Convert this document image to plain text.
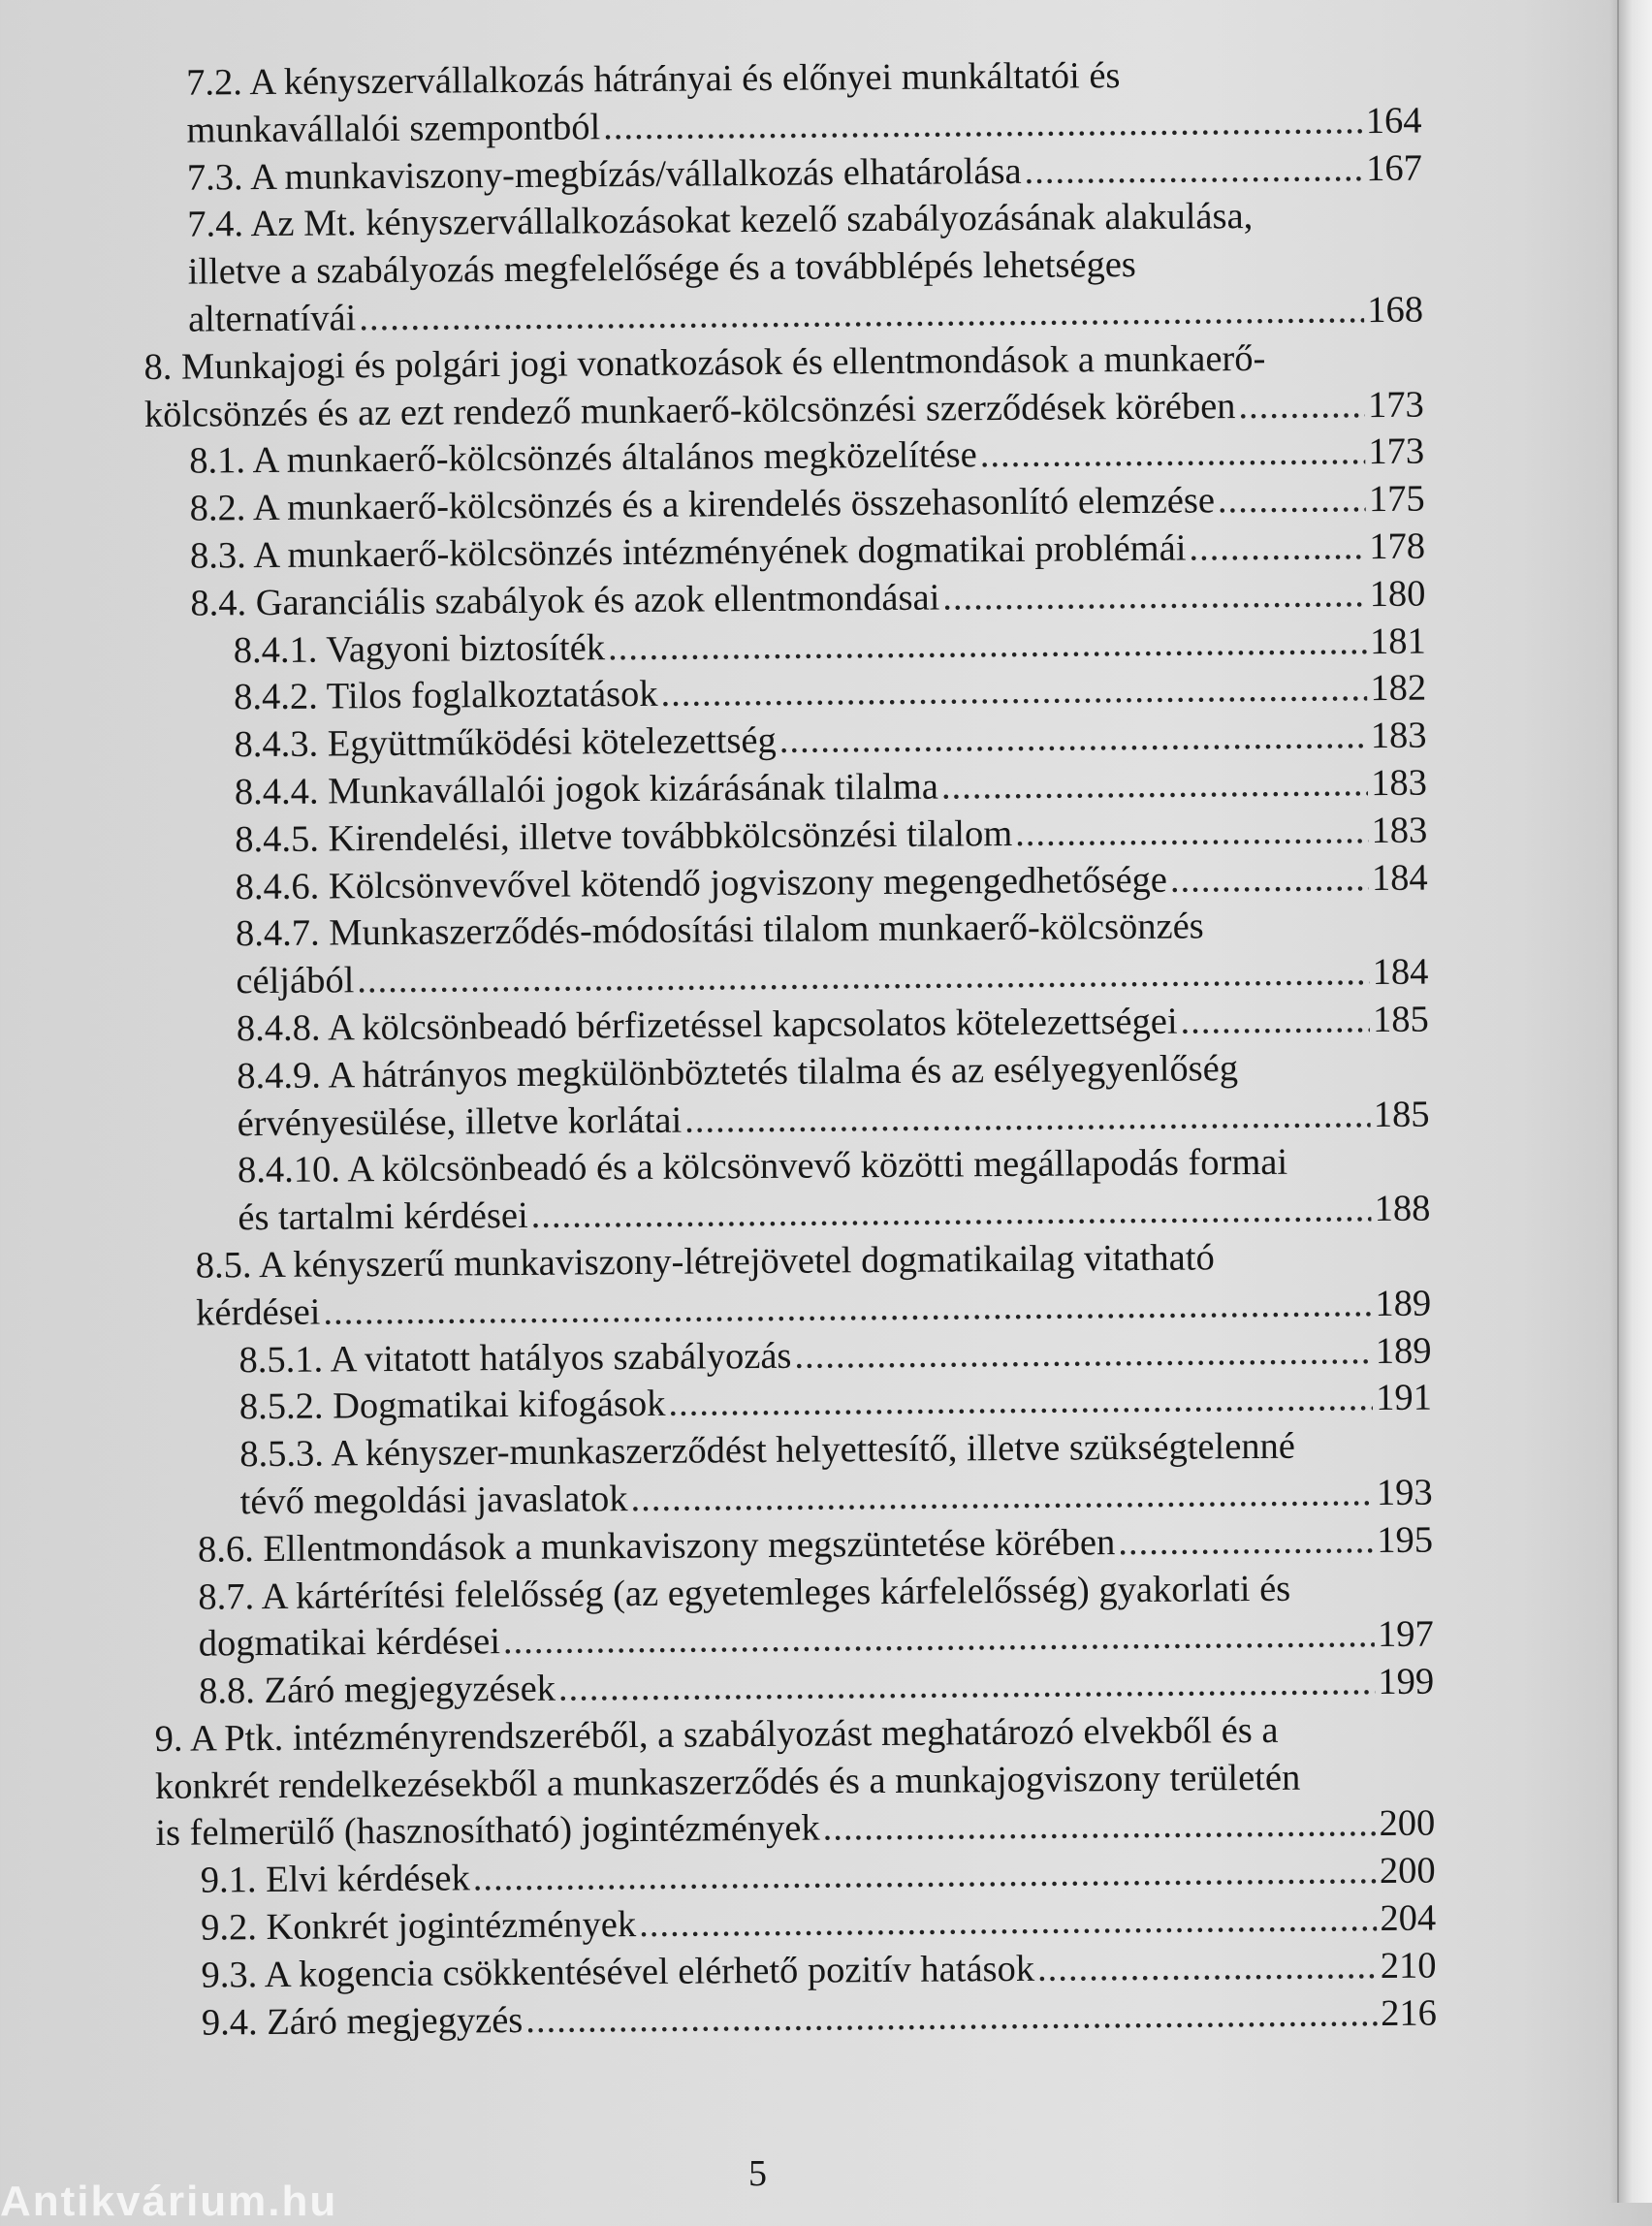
7.2. A kényszervállalkozás hátrányai és előnyei munkáltatói és
munkavállalói szempontból .....	164
7.3. A munkaviszony-megbízás/vállalkozás elhatárolása .....	167
7.4. Az Mt. kényszervállalkozásokat kezelő szabályozásának alakulása,
illetve a szabályozás megfelelősége és a továbblépés lehetséges
alternatívái .....	168
8. Munkajogi és polgári jogi vonatkozások és ellentmondások a munkaerő-
kölcsönzés és az ezt rendező munkaerő-kölcsönzési szerződések körében .....	173
8.1. A munkaerő-kölcsönzés általános megközelítése .....	173
8.2. A munkaerő-kölcsönzés és a kirendelés összehasonlító elemzése .....	175
8.3. A munkaerő-kölcsönzés intézményének dogmatikai problémái .....	178
8.4. Garanciális szabályok és azok ellentmondásai .....	180
8.4.1. Vagyoni biztosíték .....	181
8.4.2. Tilos foglalkoztatások .....	182
8.4.3. Együttműködési kötelezettség .....	183
8.4.4. Munkavállalói jogok kizárásának tilalma .....	183
8.4.5. Kirendelési, illetve továbbkölcsönzési tilalom .....	183
8.4.6. Kölcsönvevővel kötendő jogviszony megengedhetősége .....	184
8.4.7. Munkaszerződés-módosítási tilalom munkaerő-kölcsönzés
céljából .....	184
8.4.8. A kölcsönbeadó bérfizetéssel kapcsolatos kötelezettségei .....	185
8.4.9. A hátrányos megkülönböztetés tilalma és az esélyegyenlőség
érvényesülése, illetve korlátai .....	185
8.4.10. A kölcsönbeadó és a kölcsönvevő közötti megállapodás formai
és tartalmi kérdései .....	188
8.5. A kényszerű munkaviszony-létrejövetel dogmatikailag vitatható
kérdései .....	189
8.5.1. A vitatott hatályos szabályozás .....	189
8.5.2. Dogmatikai kifogások .....	191
8.5.3. A kényszer-munkaszerződést helyettesítő, illetve szükségtelenné
tévő megoldási javaslatok .....	193
8.6. Ellentmondások a munkaviszony megszüntetése körében .....	195
8.7. A kártérítési felelősség (az egyetemleges kárfelelősség) gyakorlati és
dogmatikai kérdései .....	197
8.8. Záró megjegyzések .....	199
9. A Ptk. intézményrendszeréből, a szabályozást meghatározó elvekből és a
konkrét rendelkezésekből a munkaszerződés és a munkajogviszony területén
is felmerülő (hasznosítható) jogintézmények .....	200
9.1. Elvi kérdések .....	200
9.2. Konkrét jogintézmények .....	204
9.3. A kogencia csökkentésével elérhető pozitív hatások .....	210
9.4. Záró megjegyzés .....	216
5
Antikvárium.hu
